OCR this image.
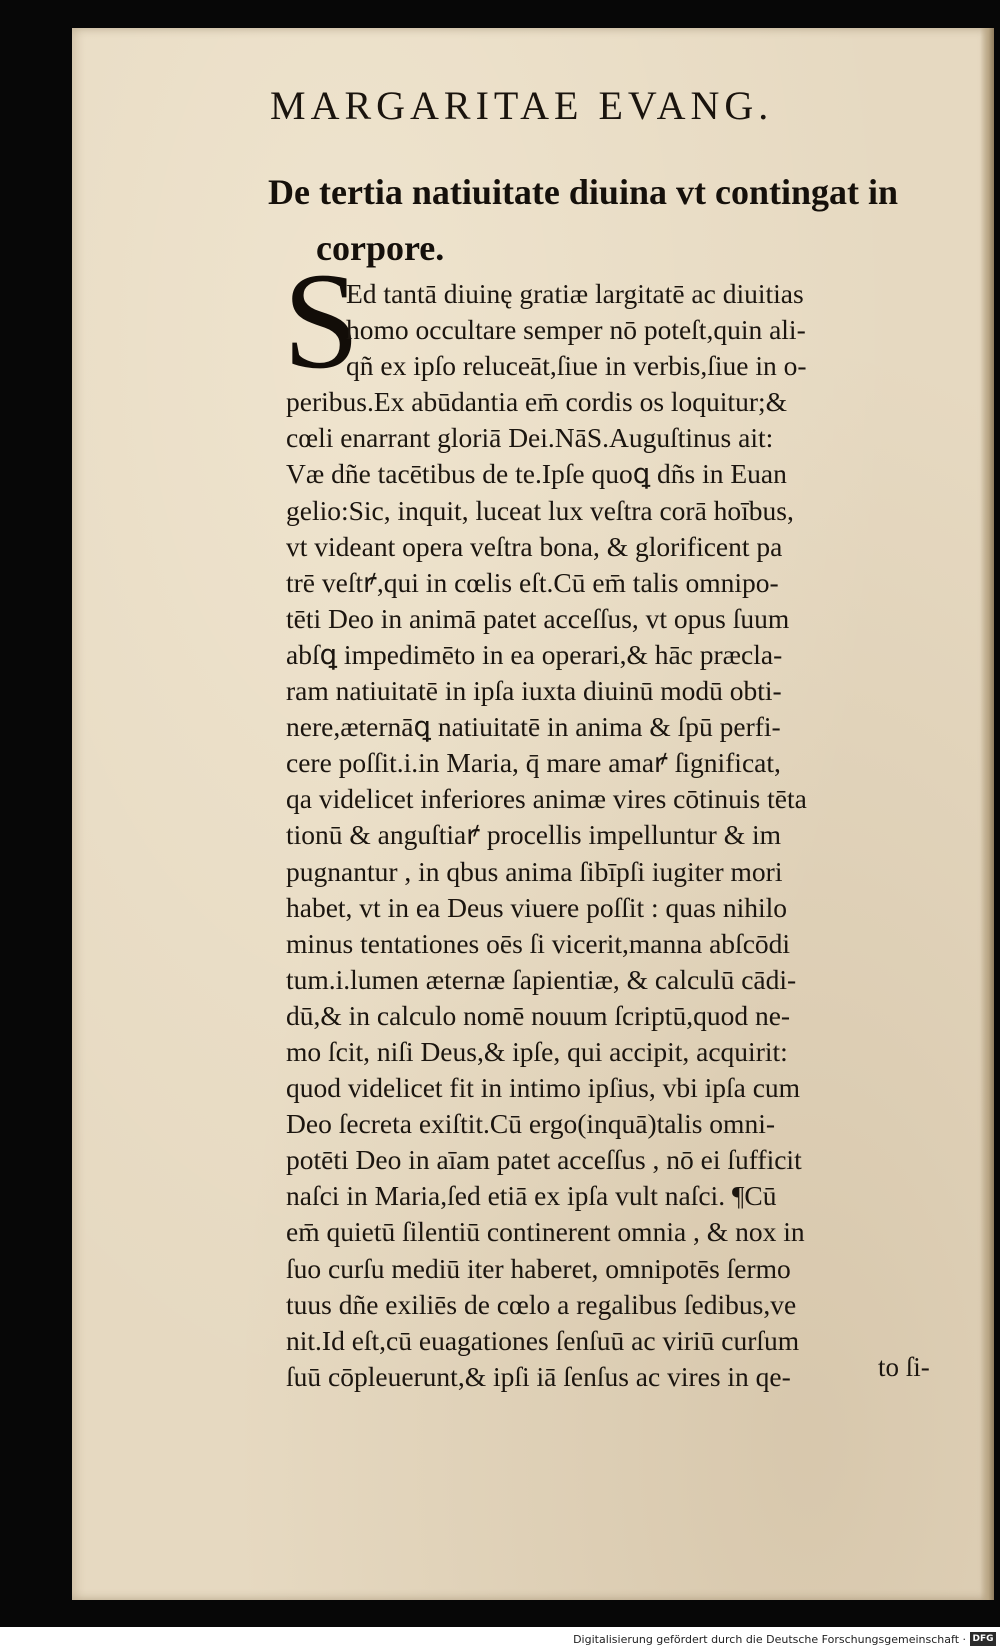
MARGARITAE EVANG.
De tertia natiuitate diuina vt contingat in
corpore.
S
Ed tantā diuinę gratiæ largitatē ac diuitias
homo occultare semper nō poteſt,quin ali-
qñ ex ipſo reluceāt,ſiue in verbis,ſiue in o-
peribus.Ex abūdantia em̄ cordis os loquitur;&
cœli enarrant gloriā Dei.NāS.Auguſtinus ait:
Væ dñe tacētibus de te.Ipſe quoꝗ dñs in Euan
gelio:Sic, inquit, luceat lux veſtra corā hoībus,
vt videant opera veſtra bona, & glorificent pa
trē veſtꝵ,qui in cœlis eſt.Cū em̄ talis omnipo-
tēti Deo in animā patet acceſſus, vt opus ſuum
abſꝗ impedimēto in ea operari,& hāc præcla-
ram natiuitatē in ipſa iuxta diuinū modū obti-
nere,æternāꝗ natiuitatē in anima & ſpū perfi-
cere poſſit.i.in Maria, q̄ mare amaꝵ ſignificat,
qa videlicet inferiores animæ vires cōtinuis tēta
tionū & anguſtiaꝵ procellis impelluntur & im
pugnantur , in qbus anima ſibīpſi iugiter mori
habet, vt in ea Deus viuere poſſit : quas nihilo
minus tentationes oēs ſi vicerit,manna abſcōdi
tum.i.lumen æternæ ſapientiæ, & calculū cādi-
dū,& in calculo nomē nouum ſcriptū,quod ne-
mo ſcit, niſi Deus,& ipſe, qui accipit, acquirit:
quod videlicet fit in intimo ipſius, vbi ipſa cum
Deo ſecreta exiſtit.Cū ergo(inquā)talis omni-
potēti Deo in aīam patet acceſſus , nō ei ſufficit
naſci in Maria,ſed etiā ex ipſa vult naſci. ¶Cū
em̄ quietū ſilentiū continerent omnia , & nox in
ſuo curſu mediū iter haberet, omnipotēs ſermo
tuus dñe exiliēs de cœlo a regalibus ſedibus,ve
nit.Id eſt,cū euagationes ſenſuū ac viriū curſum
ſuū cōpleuerunt,& ipſi iā ſenſus ac vires in qe-	to ſi-
Digitalisierung gefördert durch die Deutsche Forschungsgemeinschaft · DFG
